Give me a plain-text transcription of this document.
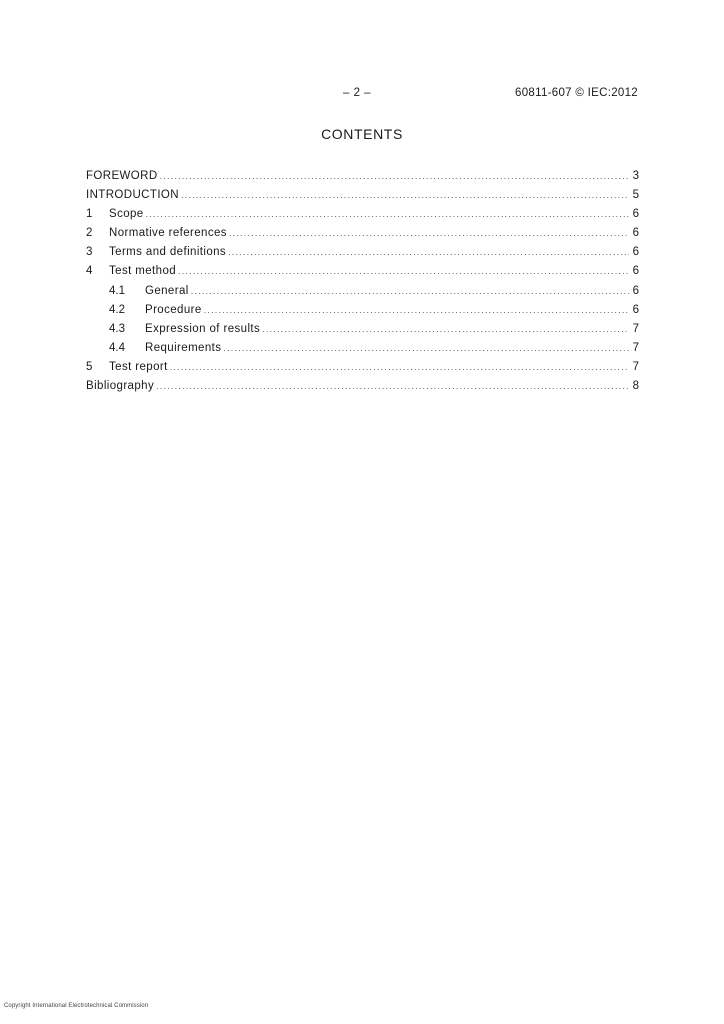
– 2 –	60811-607 © IEC:2012
CONTENTS
FOREWORD .....	3
INTRODUCTION .....	5
1	Scope .....	6
2	Normative references .....	6
3	Terms and definitions .....	6
4	Test method .....	6
4.1	General .....	6
4.2	Procedure .....	6
4.3	Expression of results .....	7
4.4	Requirements .....	7
5	Test report .....	7
Bibliography .....	8
Copyright International Electrotechnical Commission
